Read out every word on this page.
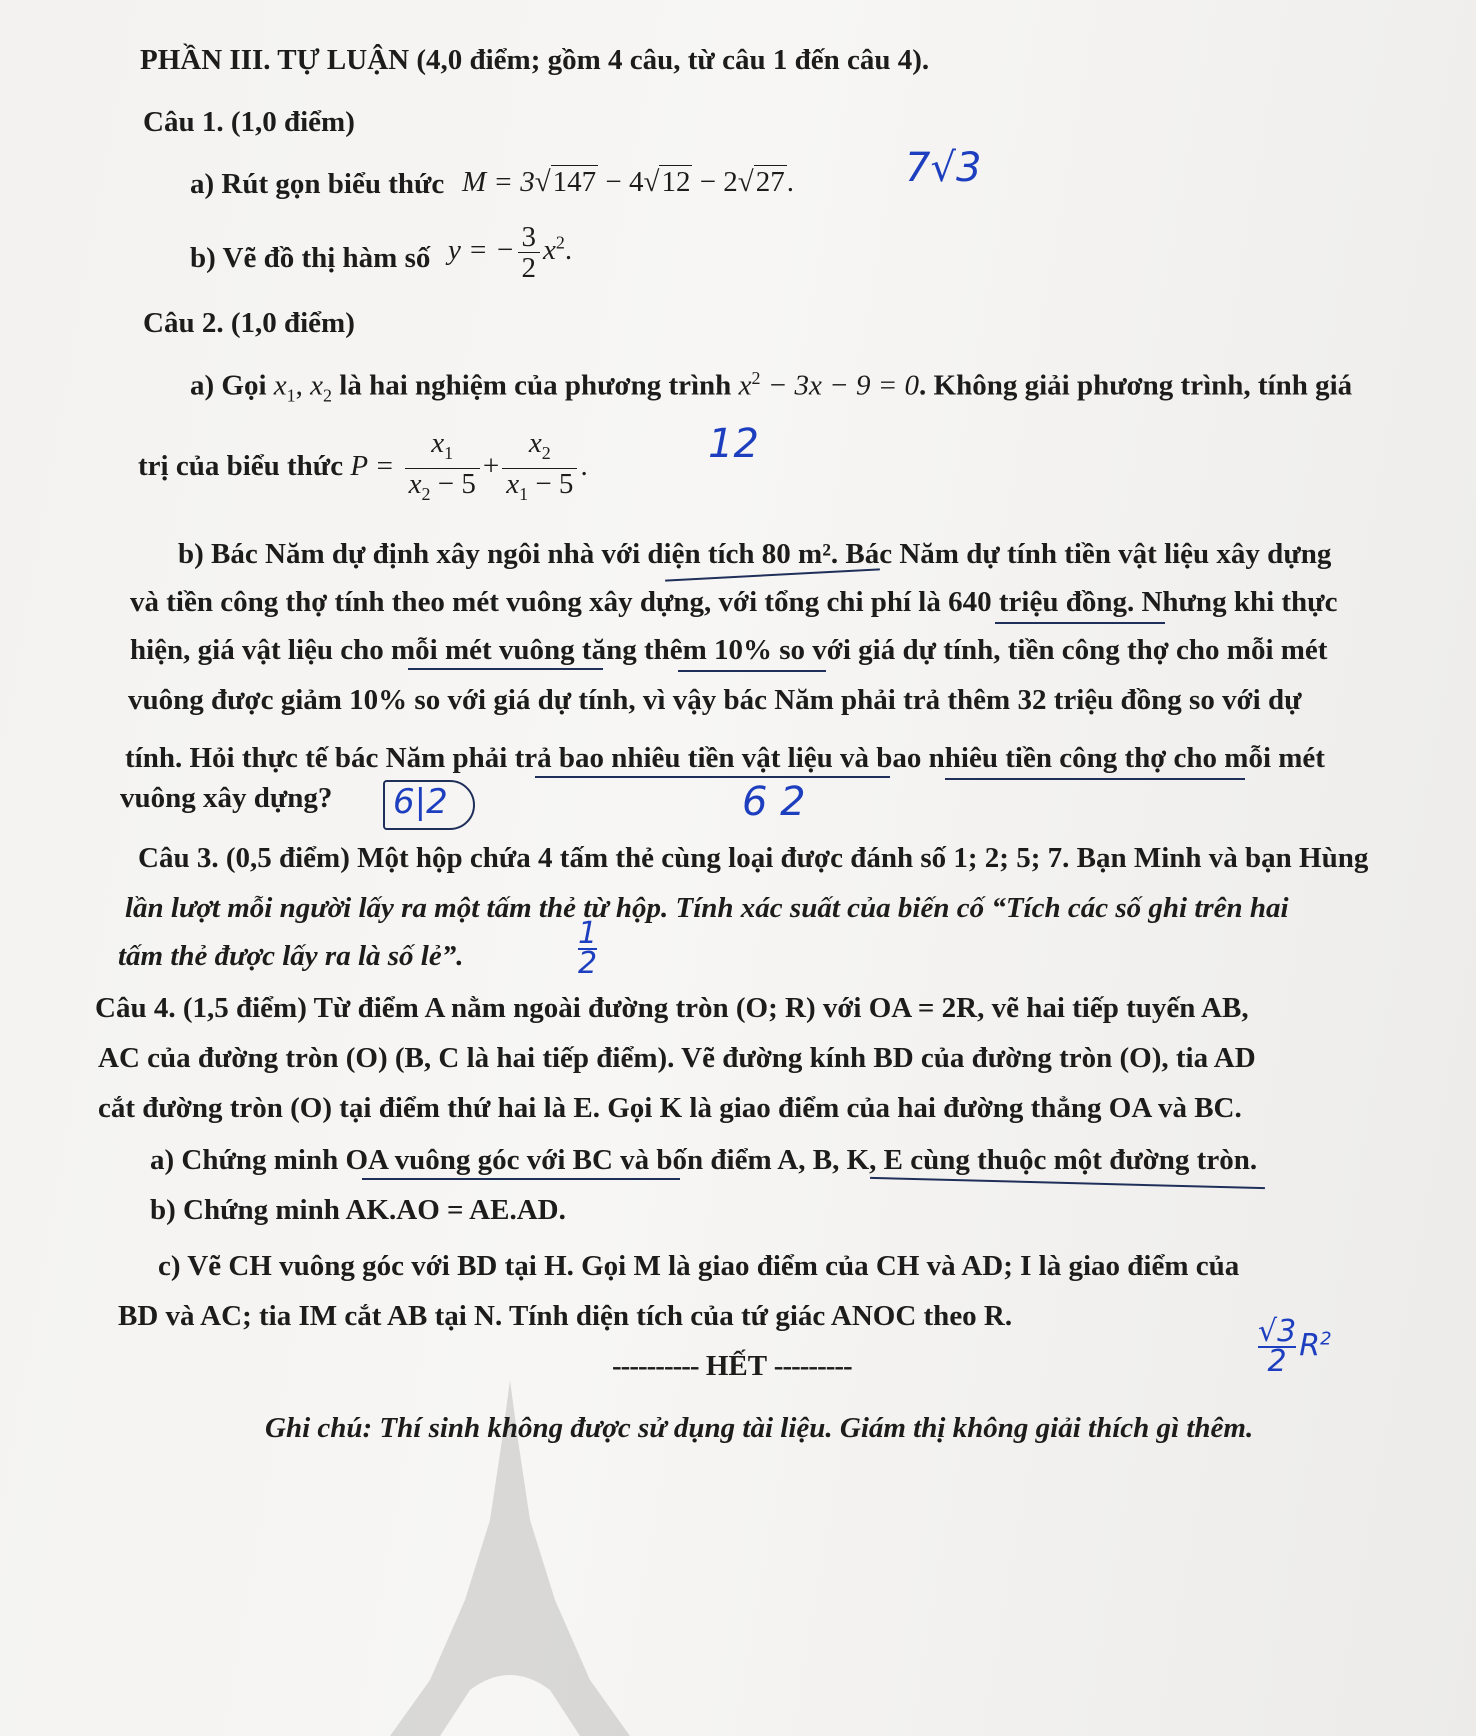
PHẦN III. TỰ LUẬN (4,0 điểm; gồm 4 câu, từ câu 1 đến câu 4).
Câu 1. (1,0 điểm)
a) Rút gọn biểu thức M = 3√147 − 4√12 − 2√27.	7√3
b) Vẽ đồ thị hàm số y = − $\frac{3}{2} x^2$.
Câu 2. (1,0 điểm)
a) Gọi $x_1$, $x_2$ là hai nghiệm của phương trình $x^2 - 3x - 9 = 0$. Không giải phương trình, tính giá
trị của biểu thức $P = \frac{x_1}{x_2 - 5} + \frac{x_2}{x_1 - 5}$ .	12
b) Bác Năm dự định xây ngôi nhà với diện tích 80 m². Bác Năm dự tính tiền vật liệu xây dựng
và tiền công thợ tính theo mét vuông xây dựng, với tổng chi phí là 640 triệu đồng. Nhưng khi thực
hiện, giá vật liệu cho mỗi mét vuông tăng thêm 10% so với giá dự tính, tiền công thợ cho mỗi mét
vuông được giảm 10% so với giá dự tính, vì vậy bác Năm phải trả thêm 32 triệu đồng so với dự
tính. Hỏi thực tế bác Năm phải trả bao nhiêu tiền vật liệu và bao nhiêu tiền công thợ cho mỗi mét
vuông xây dựng? 6|2	6 2
Câu 3. (0,5 điểm) Một hộp chứa 4 tấm thẻ cùng loại được đánh số 1; 2; 5; 7. Bạn Minh và bạn Hùng
lần lượt mỗi người lấy ra một tấm thẻ từ hộp. Tính xác suất của biến cố “Tích các số ghi trên hai
tấm thẻ được lấy ra là số lẻ”.	$\frac{1}{2}$
Câu 4. (1,5 điểm) Từ điểm A nằm ngoài đường tròn (O; R) với OA = 2R, vẽ hai tiếp tuyến AB,
AC của đường tròn (O) (B, C là hai tiếp điểm). Vẽ đường kính BD của đường tròn (O), tia AD
cắt đường tròn (O) tại điểm thứ hai là E. Gọi K là giao điểm của hai đường thẳng OA và BC.
a) Chứng minh OA vuông góc với BC và bốn điểm A, B, K, E cùng thuộc một đường tròn.
b) Chứng minh AK.AO = AE.AD.
c) Vẽ CH vuông góc với BD tại H. Gọi M là giao điểm của CH và AD; I là giao điểm của
BD và AC; tia IM cắt AB tại N. Tính diện tích của tứ giác ANOC theo R.
$\frac{√3}{2} R^2$
---------- HẾT ---------
Ghi chú: Thí sinh không được sử dụng tài liệu. Giám thị không giải thích gì thêm.
